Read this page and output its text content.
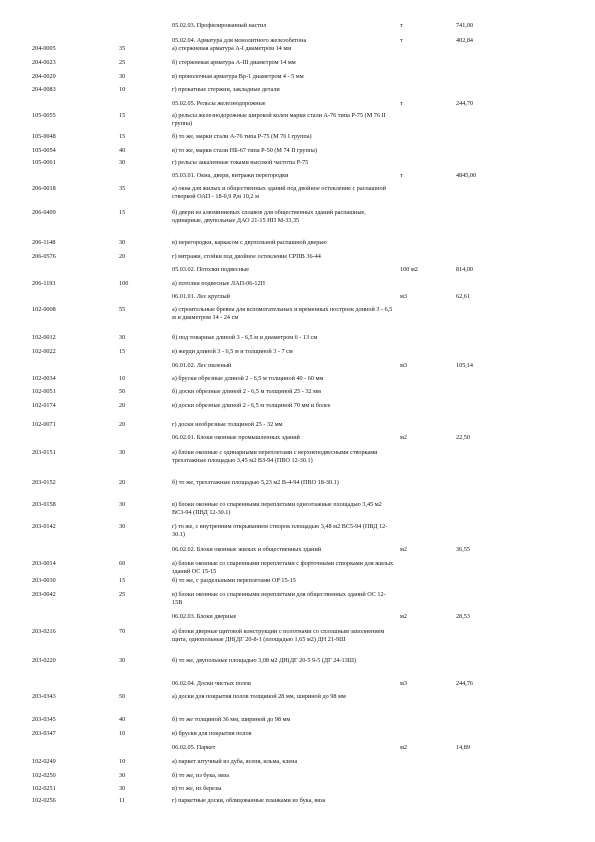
05.02.03. Профилированный настил	т	741,00
05.02.04. Арматура для монолитного железобетона	т	402,84
204-0005	35	а) стержневая арматура А-I диаметром 14 мм
204-0023	25	б) стержневая арматура А-III диаметром 14 мм
204-0029	30	в) проволочная арматура Вр-1 диаметром 4 - 5 мм
204-0083	10	г) прокатные стержни, закладные детали
05.02.05. Рельсы железнодорожные	т	244,70
105-0055	15	а) рельсы железнодорожные широкой колеи марки стали А-76 типа Р-75 (М 76 II группа)
105-0048	15	б) то же, марки стали А-76 типа Р-75 (М 76 I группа)
105-0054	40	в) то же, марки стали НБ-67 типа Р-50 (М 74 II группа)
105-0061	30	г) рельсы закаленные токами высокой частоты Р-75
05.03.01. Окна, двери, витражи перегородки	т	4845,00
206-0018	35	а) окна для жилых и общественных зданий под двойное остекление с распашной створкой ОАП - 18-0,9 Р,м 10,2 м
206-0409	15	б) двери из алюминиевых сплавов для общественных зданий распашные, одинарные, двупольные ДАО 21-15 НП М-33,35
206-1148	30	в) перегородки, каркасом с двупольной распашной дверью
206-0576	20	г) витражи, стойки под двойное остекление СРПВ 36-44
05.03.02. Потолки подвесные	100 м2	814,00
206-1193	100	а) потолки подвесные ЛАП-06-12П
06.01.01. Лес круглый	м3	62,61
102-0008	55	а) строительные бревна для вспомогательных и временных построек длиной 3 - 6,5 м и диаметром 14 - 24 см
102-0012	30	б) под товарные длиной 3 - 6,5 м и диаметром 6 - 13 см
102-0022	15	в) жерди длиной 3 - 6,5 м и толщиной 3 - 7 см
06.01.02. Лес пиленый	м3	105,14
102-0034	10	а) бруски обрезные длиной 2 - 6,5 м толщиной 40 - 60 мм
102-0051	50	б) доски обрезные длиной 2 - 6,5 м толщиной 25 - 32 мм
102-0174	20	в) доски обрезные длиной 2 - 6,5 м толщиной 70 мм и более
102-0071	20	г) доски необрезные толщиной 25 - 32 мм
06.02.01. Блоки оконные промышленных зданий	м2	22,50
203-0151	30	а) блоки оконные с одинарными переплетами с верхнеподвесными створками трехэтажные площадью 3,45 м2 ВЗ-94 (ПВО 12-30.1)
203-0152	20	б) то же, трехэтажные площадью 5,23 м2 В-4-94 (ПВО 18-30.1)
203-0158	30	в) блоки оконные со спаренными переплетами одноэтажные площадью 3,45 м2 ВС3-94 (ПВД 12-30.1)
203-0142	30	г) то же, с внутренним открыванием створок площадью 3,48 м2 ВС5-94 (ПВД 12-30.1)
06.02.02. Блоки оконные жилых и общественных зданий	м2	36,55
203-0014	60	а) блоки оконные со спаренными переплетами с форточными створками для жилых зданий ОС 15-15
203-0030	15	б) то же, с раздельными переплетами ОР 15-15
203-0042	25	в) блоки оконные со спаренными переплетами для общественных зданий ОС 12-15В
06.02.03. Блоки дверные	м2	28,53
203-0216	70	а) блоки дверные щитовой конструкции с полотнами со сплошным заполнением щита, однопольные ДН(ДГ 20-8-1 (площадью 1,65 м2) ДН 21-9Ш
203-0220	30	б) то же, двупольные площадью 3,08 м2 ДН(ДГ 20-5 9-5 (ДГ 24-13Ш)
06.02.04. Доски чистых полов	м3	244,76
203-0343	50	а) доски для покрытия полов толщиной 28 мм, шириной до 98 мм
203-0345	40	б) то же толщиной 36 мм, шириной до 98 мм
203-0347	10	в) бруски для покрытия полов
06.02.05. Паркет	м2	14,89
102-0249	10	а) паркет штучный из дуба, ясеня, ильма, клена
102-0250	30	б) то же, из бука, вяза
102-0251	30	в) то же, из березы
102-0256	11	г) паркетные доски, облицованные планками из бука, вяза
